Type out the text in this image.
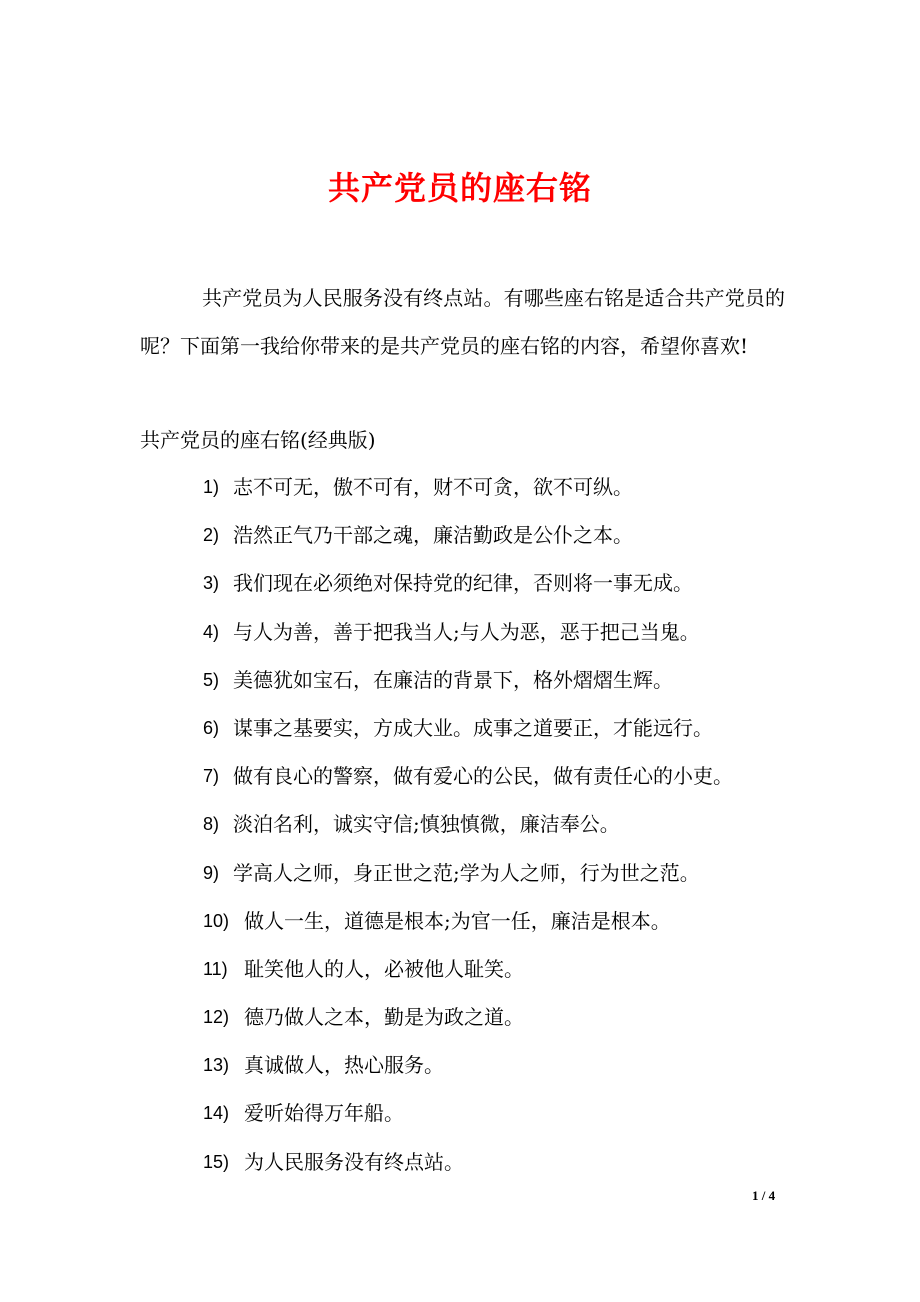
共产党员的座右铭

共产党员为人民服务没有终点站。有哪些座右铭是适合共产党员的呢？下面第一我给你带来的是共产党员的座右铭的内容，希望你喜欢!

共产党员的座右铭(经典版)

1) 志不可无，傲不可有，财不可贪，欲不可纵。
2) 浩然正气乃干部之魂，廉洁勤政是公仆之本。
3) 我们现在必须绝对保持党的纪律，否则将一事无成。
4) 与人为善，善于把我当人;与人为恶，恶于把己当鬼。
5) 美德犹如宝石，在廉洁的背景下，格外熠熠生辉。
6) 谋事之基要实，方成大业。成事之道要正，才能远行。
7) 做有良心的警察，做有爱心的公民，做有责任心的小吏。
8) 淡泊名利，诚实守信;慎独慎微，廉洁奉公。
9) 学高人之师，身正世之范;学为人之师，行为世之范。
10) 做人一生，道德是根本;为官一任，廉洁是根本。
11) 耻笑他人的人，必被他人耻笑。
12) 德乃做人之本，勤是为政之道。
13) 真诚做人，热心服务。
14) 爱听始得万年船。
15) 为人民服务没有终点站。
1 / 4
